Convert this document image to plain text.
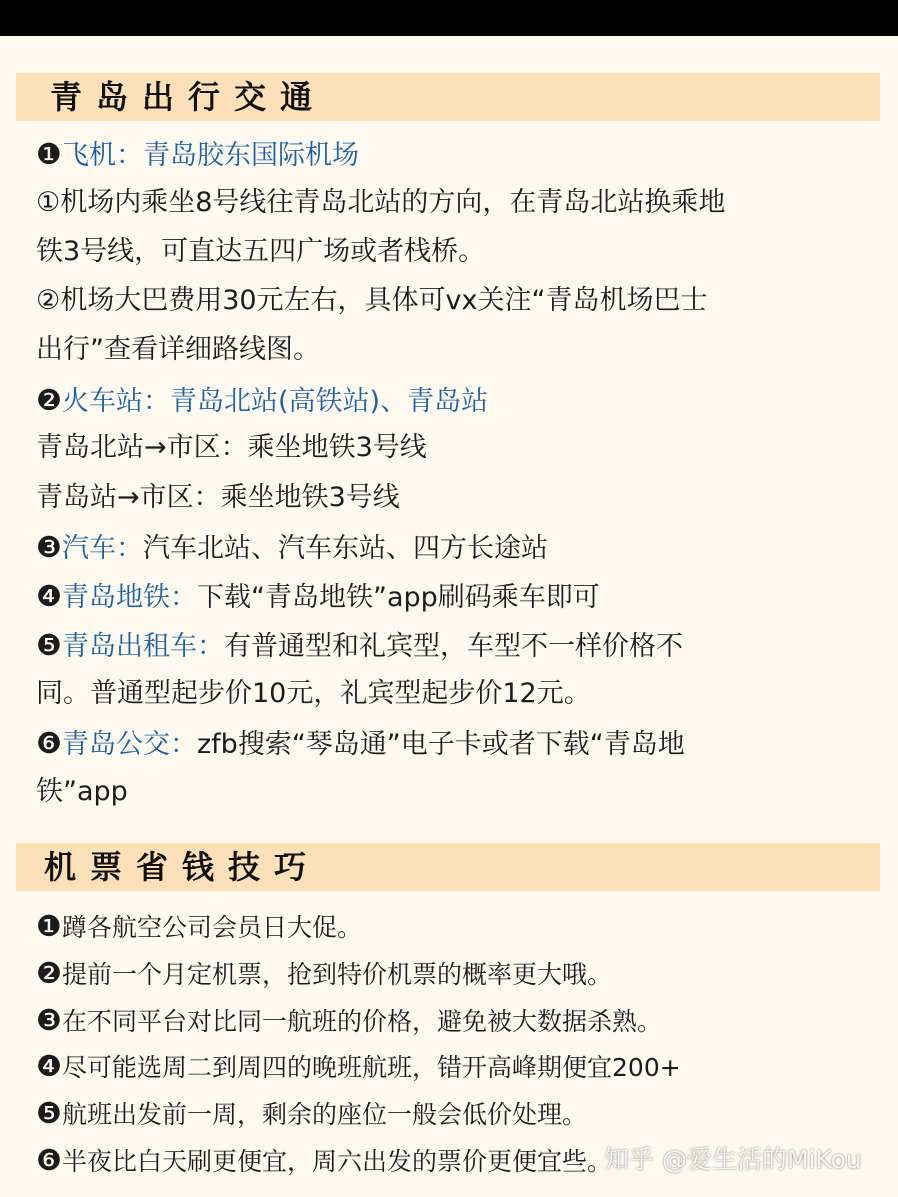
青岛出行交通
❶飞机：青岛胶东国际机场
①机场内乘坐8号线往青岛北站的方向，在青岛北站换乘地
铁3号线，可直达五四广场或者栈桥。
②机场大巴费用30元左右，具体可vx关注“青岛机场巴士
出行”查看详细路线图。
❷火车站：青岛北站(高铁站)、青岛站
青岛北站→市区：乘坐地铁3号线
青岛站→市区：乘坐地铁3号线
❸汽车：汽车北站、汽车东站、四方长途站
❹青岛地铁：下载“青岛地铁”app刷码乘车即可
❺青岛出租车：有普通型和礼宾型，车型不一样价格不
同。普通型起步价10元，礼宾型起步价12元。
❻青岛公交：zfb搜索“琴岛通”电子卡或者下载“青岛地
铁”app
机票省钱技巧
❶蹲各航空公司会员日大促。
❷提前一个月定机票，抢到特价机票的概率更大哦。
❸在不同平台对比同一航班的价格，避免被大数据杀熟。
❹尽可能选周二到周四的晚班航班，错开高峰期便宜200+
❺航班出发前一周，剩余的座位一般会低价处理。
❻半夜比白天刷更便宜，周六出发的票价更便宜些。
知乎 @爱生活的MiKou
